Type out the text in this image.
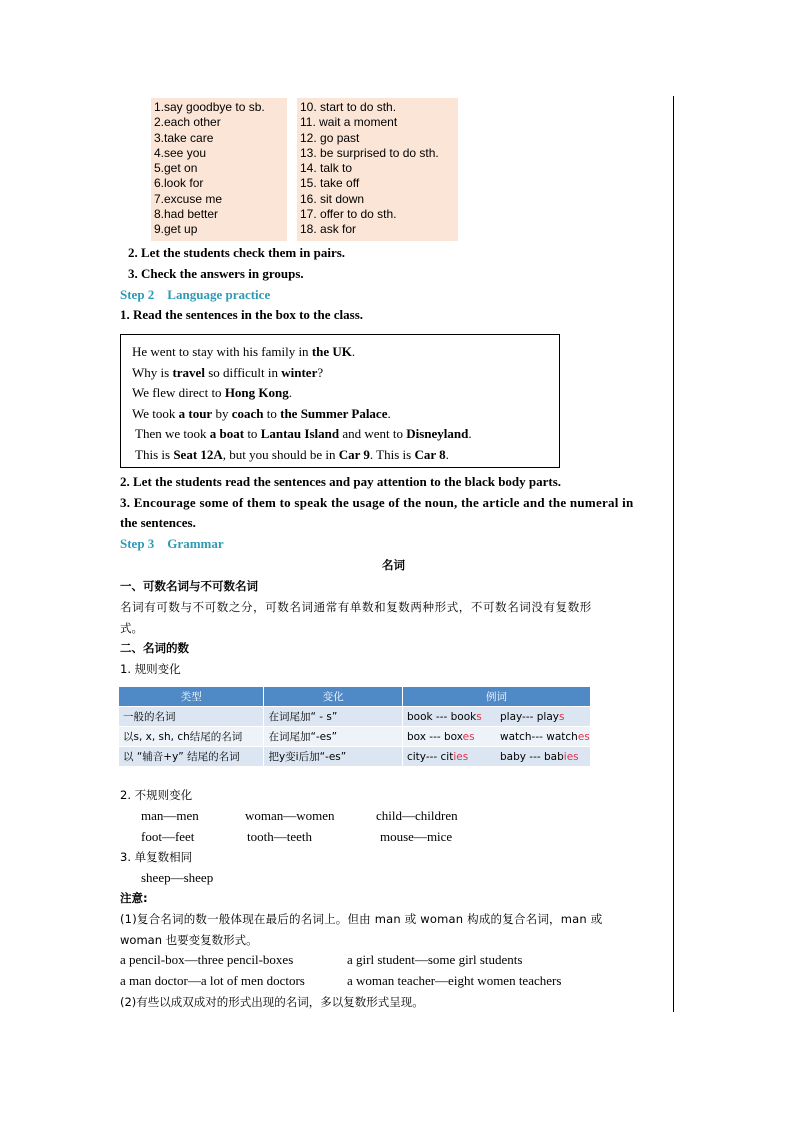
1.say goodbye to sb.
2.each other
3.take care
4.see you
5.get on
6.look for
7.excuse me
8.had better
9.get up
10. start to do sth.
11. wait a moment
12. go past
13. be surprised to do sth.
14. talk to
15. take off
16. sit down
17. offer to do sth.
18. ask for
2. Let the students check them in pairs.
3. Check the answers in groups.
Step 2    Language practice
1. Read the sentences in the box to the class.
He went to stay with his family in the UK.
Why is travel so difficult in winter?
We flew direct to Hong Kong.
We took a tour by coach to the Summer Palace.
Then we took a boat to Lantau Island and went to Disneyland.
This is Seat 12A, but you should be in Car 9. This is Car 8.
2. Let the students read the sentences and pay attention to the black body parts.
3. Encourage some of them to speak the usage of the noun, the article and the numeral in
the sentences.
Step 3    Grammar
名词
一、可数名词与不可数名词
名词有可数与不可数之分，可数名词通常有单数和复数两种形式，不可数名词没有复数形
式。
二、名词的数
1. 规则变化
类型	变化	例词
一般的名词	在词尾加“ - s”	book --- books play--- plays
以s, x, sh, ch结尾的名词	在词尾加“-es”	box --- boxes watch--- watches
以 “辅音+y” 结尾的名词	把y变i后加“-es”	city--- cities baby --- babies
2. 不规则变化
man—men	woman—women	child—children
foot—feet	tooth—teeth	mouse—mice
3. 单复数相同
sheep—sheep
注意:
(1)复合名词的数一般体现在最后的名词上。但由 man 或 woman 构成的复合名词，man 或
woman 也要变复数形式。
a pencil-box—three pencil-boxes	a girl student—some girl students
a man doctor—a lot of men doctors	a woman teacher—eight women teachers
(2)有些以成双成对的形式出现的名词，多以复数形式呈现。
